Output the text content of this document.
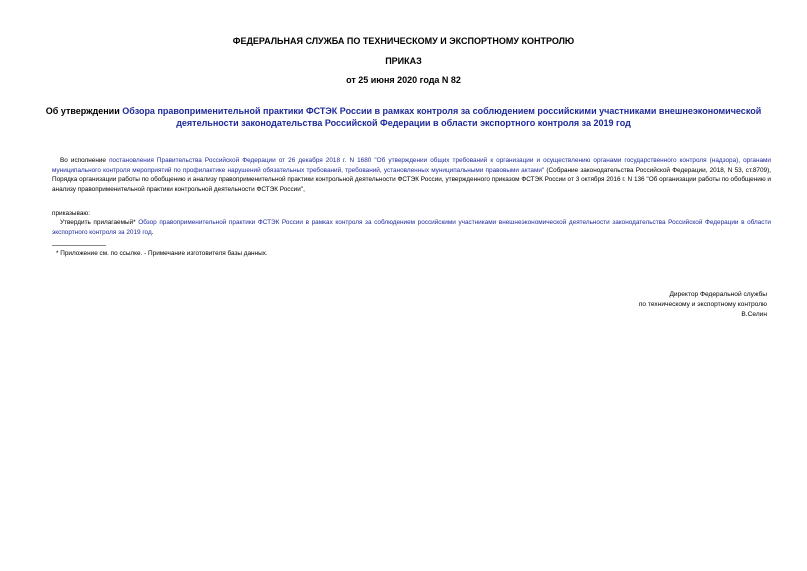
ФЕДЕРАЛЬНАЯ СЛУЖБА ПО ТЕХНИЧЕСКОМУ И ЭКСПОРТНОМУ КОНТРОЛЮ
ПРИКАЗ
от 25 июня 2020 года N 82
Об утверждении Обзора правоприменительной практики ФСТЭК России в рамках контроля за соблюдением российскими участниками внешнеэкономической деятельности законодательства Российской Федерации в области экспортного контроля за 2019 год
Во исполнение постановления Правительства Российской Федерации от 26 декабря 2018 г. N 1680 "Об утверждении общих требований к организации и осуществлению органами государственного контроля (надзора), органами муниципального контроля мероприятий по профилактике нарушений обязательных требований, требований, установленных муниципальными правовыми актами" (Собрание законодательства Российской Федерации, 2018, N 53, ст.8709), Порядка организации работы по обобщению и анализу правоприменительной практики контрольной деятельности ФСТЭК России, утвержденного приказом ФСТЭК России от 3 октября 2016 г. N 136 "Об организации работы по обобщению и анализу правоприменительной практики контрольной деятельности ФСТЭК России",
приказываю:
Утвердить прилагаемый* Обзор правоприменительной практики ФСТЭК России в рамках контроля за соблюдением российскими участниками внешнеэкономической деятельности законодательства Российской Федерации в области экспортного контроля за 2019 год.
* Приложение см. по ссылке. - Примечание изготовителя базы данных.
Директор Федеральной службы
по техническому и экспортному контролю
В.Селин
